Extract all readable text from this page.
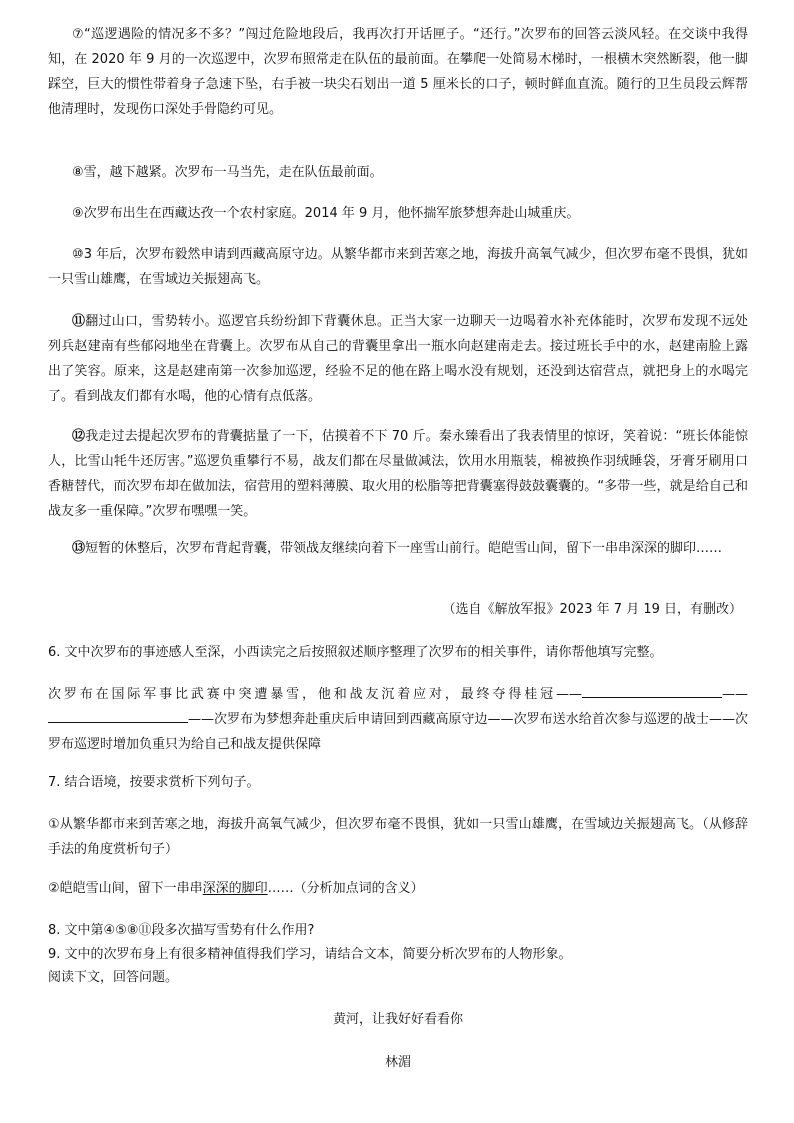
⑦“巡逻遇险的情况多不多？”闯过危险地段后，我再次打开话匣子。“还行。”次罗布的回答云淡风轻。在交谈中我得知，在 2020 年 9 月的一次巡逻中，次罗布照常走在队伍的最前面。在攀爬一处简易木梯时，一根横木突然断裂，他一脚踩空，巨大的惯性带着身子急速下坠，右手被一块尖石划出一道 5 厘米长的口子，顿时鲜血直流。随行的卫生员段云辉帮他清理时，发现伤口深处手骨隐约可见。

⑧雪，越下越紧。次罗布一马当先，走在队伍最前面。

⑨次罗布出生在西藏达孜一个农村家庭。2014 年 9 月，他怀揣军旅梦想奔赴山城重庆。

⑩3 年后，次罗布毅然申请到西藏高原守边。从繁华都市来到苦寒之地，海拔升高氧气减少，但次罗布毫不畏惧，犹如一只雪山雄鹰，在雪域边关振翅高飞。

⑪翻过山口，雪势转小。巡逻官兵纷纷卸下背囊休息。正当大家一边聊天一边喝着水补充体能时，次罗布发现不远处列兵赵建南有些郁闷地坐在背囊上。次罗布从自己的背囊里拿出一瓶水向赵建南走去。接过班长手中的水，赵建南脸上露出了笑容。原来，这是赵建南第一次参加巡逻，经验不足的他在路上喝水没有规划，还没到达宿营点，就把身上的水喝完了。看到战友们都有水喝，他的心情有点低落。

⑫我走过去提起次罗布的背囊掂量了一下，估摸着不下 70 斤。秦永臻看出了我表情里的惊讶，笑着说：“班长体能惊人，比雪山牦牛还厉害。”巡逻负重攀行不易，战友们都在尽量做减法，饮用水用瓶装，棉被换作羽绒睡袋，牙膏牙刷用口香糖替代，而次罗布却在做加法，宿营用的塑料薄膜、取火用的松脂等把背囊塞得鼓鼓囊囊的。“多带一些，就是给自己和战友多一重保障。”次罗布嘿嘿一笑。

⑬短暂的休整后，次罗布背起背囊，带领战友继续向着下一座雪山前行。皑皑雪山间，留下一串串深深的脚印……

（选自《解放军报》2023 年 7 月 19 日，有删改）

6. 文中次罗布的事迹感人至深，小西读完之后按照叙述顺序整理了次罗布的相关事件，请你帮他填写完整。

次罗布在国际军事比武赛中突遭暴雪，他和战友沉着应对，最终夺得桂冠——	————次罗布为梦想奔赴重庆后申请回到西藏高原守边——次罗布送水给首次参与巡逻的战士——次罗布巡逻时增加负重只为给自己和战友提供保障

7. 结合语境，按要求赏析下列句子。

①从繁华都市来到苦寒之地，海拔升高氧气减少，但次罗布毫不畏惧，犹如一只雪山雄鹰，在雪域边关振翅高飞。（从修辞手法的角度赏析句子）

②皑皑雪山间，留下一串串深深的脚印……（分析加点词的含义）

8. 文中第④⑤⑧⑪段多次描写雪势有什么作用?

9. 文中的次罗布身上有很多精神值得我们学习，请结合文本，简要分析次罗布的人物形象。

阅读下文，回答问题。

黄河，让我好好看看你

林湄
